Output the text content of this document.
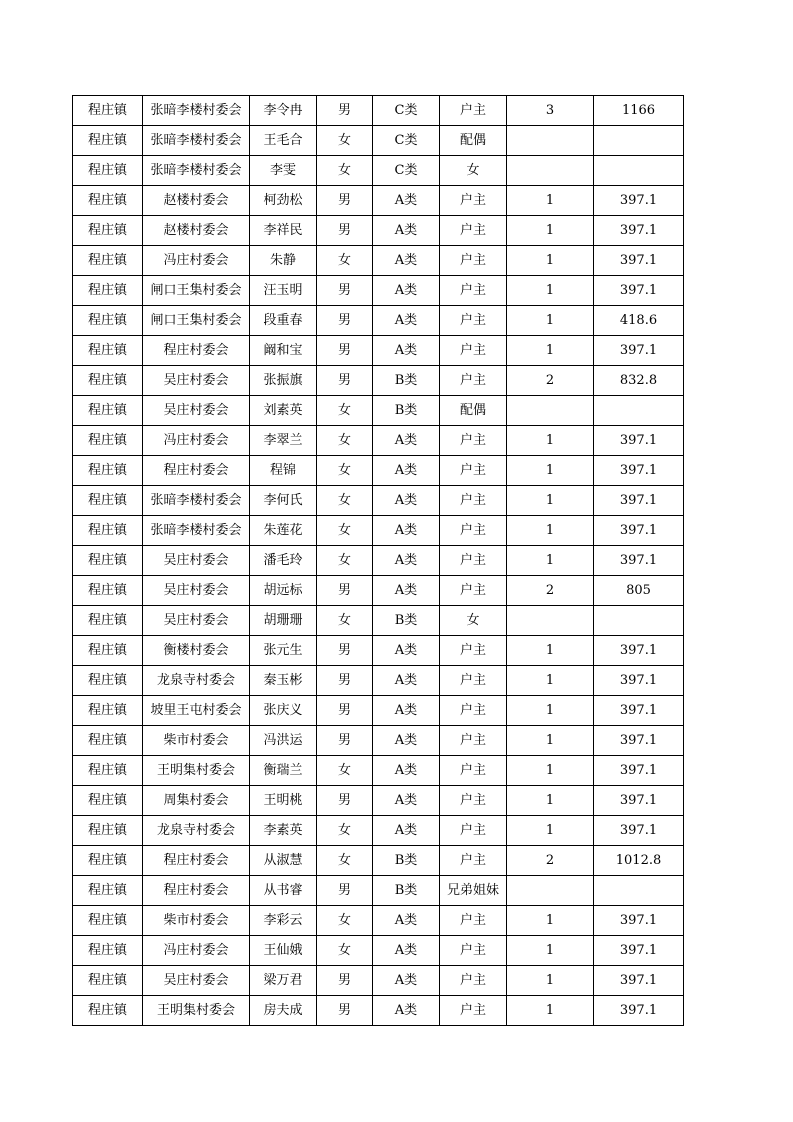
程庄镇	张暗李楼村委会	李令冉	男	C类	户主	3	1166
程庄镇	张暗李楼村委会	王毛合	女	C类	配偶		
程庄镇	张暗李楼村委会	李雯	女	C类	女		
程庄镇	赵楼村委会	柯劲松	男	A类	户主	1	397.1
程庄镇	赵楼村委会	李祥民	男	A类	户主	1	397.1
程庄镇	冯庄村委会	朱静	女	A类	户主	1	397.1
程庄镇	闸口王集村委会	汪玉明	男	A类	户主	1	397.1
程庄镇	闸口王集村委会	段重春	男	A类	户主	1	418.6
程庄镇	程庄村委会	阚和宝	男	A类	户主	1	397.1
程庄镇	吴庄村委会	张振旗	男	B类	户主	2	832.8
程庄镇	吴庄村委会	刘素英	女	B类	配偶		
程庄镇	冯庄村委会	李翠兰	女	A类	户主	1	397.1
程庄镇	程庄村委会	程锦	女	A类	户主	1	397.1
程庄镇	张暗李楼村委会	李何氏	女	A类	户主	1	397.1
程庄镇	张暗李楼村委会	朱莲花	女	A类	户主	1	397.1
程庄镇	吴庄村委会	潘毛玲	女	A类	户主	1	397.1
程庄镇	吴庄村委会	胡远标	男	A类	户主	2	805
程庄镇	吴庄村委会	胡珊珊	女	B类	女		
程庄镇	衡楼村委会	张元生	男	A类	户主	1	397.1
程庄镇	龙泉寺村委会	秦玉彬	男	A类	户主	1	397.1
程庄镇	坡里王屯村委会	张庆义	男	A类	户主	1	397.1
程庄镇	柴市村委会	冯洪运	男	A类	户主	1	397.1
程庄镇	王明集村委会	衡瑞兰	女	A类	户主	1	397.1
程庄镇	周集村委会	王明桃	男	A类	户主	1	397.1
程庄镇	龙泉寺村委会	李素英	女	A类	户主	1	397.1
程庄镇	程庄村委会	从淑慧	女	B类	户主	2	1012.8
程庄镇	程庄村委会	从书睿	男	B类	兄弟姐妹		
程庄镇	柴市村委会	李彩云	女	A类	户主	1	397.1
程庄镇	冯庄村委会	王仙娥	女	A类	户主	1	397.1
程庄镇	吴庄村委会	梁万君	男	A类	户主	1	397.1
程庄镇	王明集村委会	房夫成	男	A类	户主	1	397.1
